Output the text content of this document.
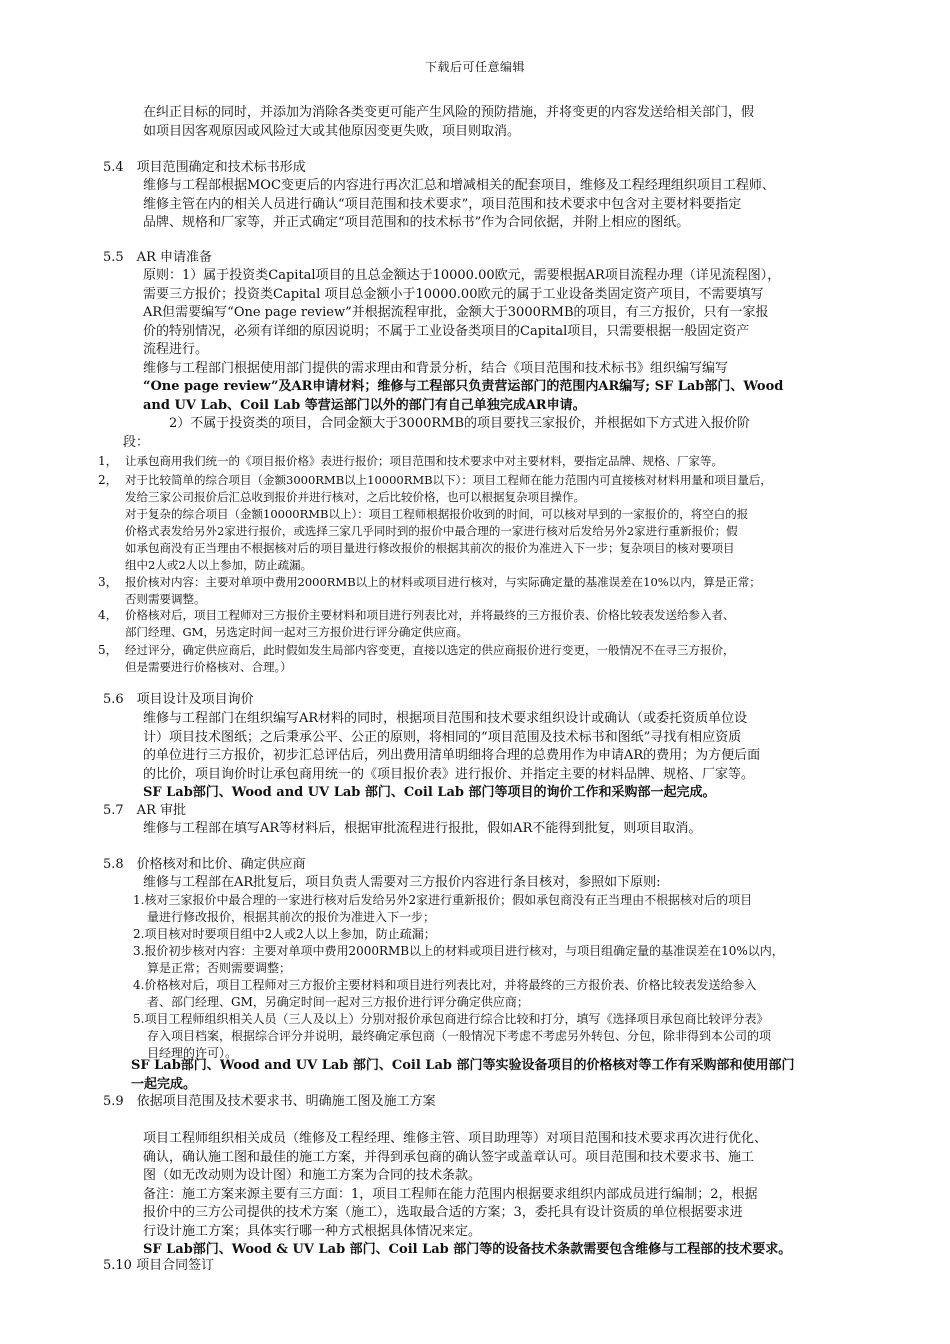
下载后可任意编辑
在纠正目标的同时，并添加为消除各类变更可能产生风险的预防措施，并将变更的内容发送给相关部门，假
如项目因客观原因或风险过大或其他原因变更失败，项目则取消。
5.4　项目范围确定和技术标书形成
维修与工程部根据MOC变更后的内容进行再次汇总和增减相关的配套项目，维修及工程经理组织项目工程师、
维修主管在内的相关人员进行确认“项目范围和技术要求”，项目范围和技术要求中包含对主要材料要指定
品牌、规格和厂家等，并正式确定“项目范围和的技术标书”作为合同依据，并附上相应的图纸。
5.5　AR 申请准备
原则：1）属于投资类Capital项目的且总金额达于10000.00欧元，需要根据AR项目流程办理（详见流程图），
需要三方报价；投资类Capital 项目总金额小于10000.00欧元的属于工业设备类固定资产项目，不需要填写
AR但需要编写“One page review”并根据流程审批，金额大于3000RMB的项目，有三方报价，只有一家报
价的特别情况，必须有详细的原因说明；不属于工业设备类项目的Capital项目，只需要根据一般固定资产
流程进行。
维修与工程部门根据使用部门提供的需求理由和背景分析，结合《项目范围和技术标书》组织编写编写
“One page review”及AR申请材料；维修与工程部只负责营运部门的范围内AR编写; SF Lab部门、Wood
and UV Lab、Coil Lab 等营运部门以外的部门有自己单独完成AR申请。
　　2）不属于投资类的项目，合同金额大于3000RMB的项目要找三家报价，并根据如下方式进入报价阶
段：
1， 让承包商用我们统一的《项目报价格》表进行报价；项目范围和技术要求中对主要材料，要指定品牌、规格、厂家等。
2， 对于比较简单的综合项目（金额3000RMB以上10000RMB以下）：项目工程师在能力范围内可直接核对材料用量和项目量后，
发给三家公司报价后汇总收到报价并进行核对，之后比较价格，也可以根据复杂项目操作。
对于复杂的综合项目（金额10000RMB以上）：项目工程师根据报价收到的时间，可以核对早到的一家报价的，将空白的报
价格式表发给另外2家进行报价，或选择三家几乎同时到的报价中最合理的一家进行核对后发给另外2家进行重新报价；假
如承包商没有正当理由不根据核对后的项目量进行修改报价的根据其前次的报价为准进入下一步；复杂项目的核对要项目
组中2人或2人以上参加，防止疏漏。
3， 报价核对内容：主要对单项中费用2000RMB以上的材料或项目进行核对，与实际确定量的基准误差在10%以内，算是正常；
否则需要调整。
4， 价格核对后，项目工程师对三方报价主要材料和项目进行列表比对，并将最终的三方报价表、价格比较表发送给参入者、
部门经理、GM，另选定时间一起对三方报价进行评分确定供应商。
5， 经过评分，确定供应商后，此时假如发生局部内容变更，直接以选定的供应商报价进行变更，一般情况不在寻三方报价，
但是需要进行价格核对、合理。）
5.6　项目设计及项目询价
维修与工程部门在组织编写AR材料的同时，根据项目范围和技术要求组织设计或确认（或委托资质单位设
计）项目技术图纸；之后秉承公平、公正的原则，将相同的“项目范围及技术标书和图纸”寻找有相应资质
的单位进行三方报价，初步汇总评估后，列出费用清单明细将合理的总费用作为申请AR的费用；为方便后面
的比价，项目询价时让承包商用统一的《项目报价表》进行报价、并指定主要的材料品牌、规格、厂家等。
SF Lab部门、Wood and UV Lab 部门、Coil Lab 部门等项目的询价工作和采购部一起完成。
5.7　AR 审批
维修与工程部在填写AR等材料后，根据审批流程进行报批，假如AR不能得到批复，则项目取消。
5.8　价格核对和比价、确定供应商
维修与工程部在AR批复后，项目负责人需要对三方报价内容进行条目核对，参照如下原则:
1.核对三家报价中最合理的一家进行核对后发给另外2家进行重新报价；假如承包商没有正当理由不根据核对后的项目
量进行修改报价，根据其前次的报价为准进入下一步；
2.项目核对时要项目组中2人或2人以上参加，防止疏漏；
3.报价初步核对内容：主要对单项中费用2000RMB以上的材料或项目进行核对，与项目组确定量的基准误差在10%以内，
算是正常；否则需要调整；
4.价格核对后，项目工程师对三方报价主要材料和项目进行列表比对，并将最终的三方报价表、价格比较表发送给参入
者、部门经理、GM，另确定时间一起对三方报价进行评分确定供应商；
5.项目工程师组织相关人员（三人及以上）分别对报价承包商进行综合比较和打分，填写《选择项目承包商比较评分表》
存入项目档案，根据综合评分并说明，最终确定承包商（一般情况下考虑不考虑另外转包、分包，除非得到本公司的项
目经理的许可）。
SF Lab部门、Wood and UV Lab 部门、Coil Lab 部门等实验设备项目的价格核对等工作有采购部和使用部门
一起完成。
5.9　依据项目范围及技术要求书、明确施工图及施工方案
项目工程师组织相关成员（维修及工程经理、维修主管、项目助理等）对项目范围和技术要求再次进行优化、
确认，确认施工图和最佳的施工方案，并得到承包商的确认签字或盖章认可。项目范围和技术要求书、施工
图（如无改动则为设计图）和施工方案为合同的技术条款。
备注：施工方案来源主要有三方面：1，项目工程师在能力范围内根据要求组织内部成员进行编制；2，根据
报价中的三方公司提供的技术方案（施工），选取最合适的方案；3，委托具有设计资质的单位根据要求进
行设计施工方案；具体实行哪一种方式根据具体情况来定。
SF Lab部门、Wood & UV Lab 部门、Coil Lab 部门等的设备技术条款需要包含维修与工程部的技术要求。
5.10 项目合同签订
